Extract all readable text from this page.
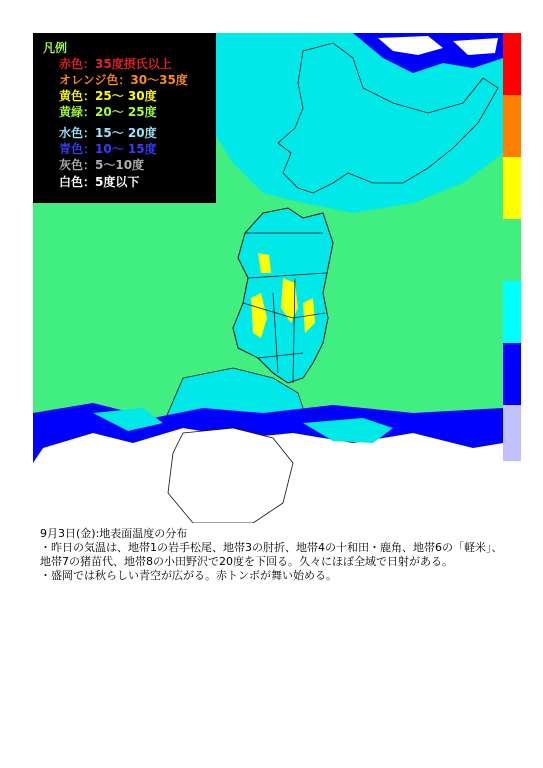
凡例
赤色：35度摂氏以上
オレンジ色：30～35度
黄色：25～ 30度
黄緑：20～ 25度
水色：15～ 20度
青色：10～ 15度
灰色：5～10度
白色：5度以下

9月3日(金):地表面温度の分布

・昨日の気温は、地帯1の岩手松尾、地帯3の肘折、地帯4の十和田・鹿角、地帯6の「軽米」、地帯7の猪苗代、地帯8の小田野沢で20度を下回る。久々にほぼ全域で日射がある。

・盛岡では秋らしい青空が広がる。赤トンボが舞い始める。
